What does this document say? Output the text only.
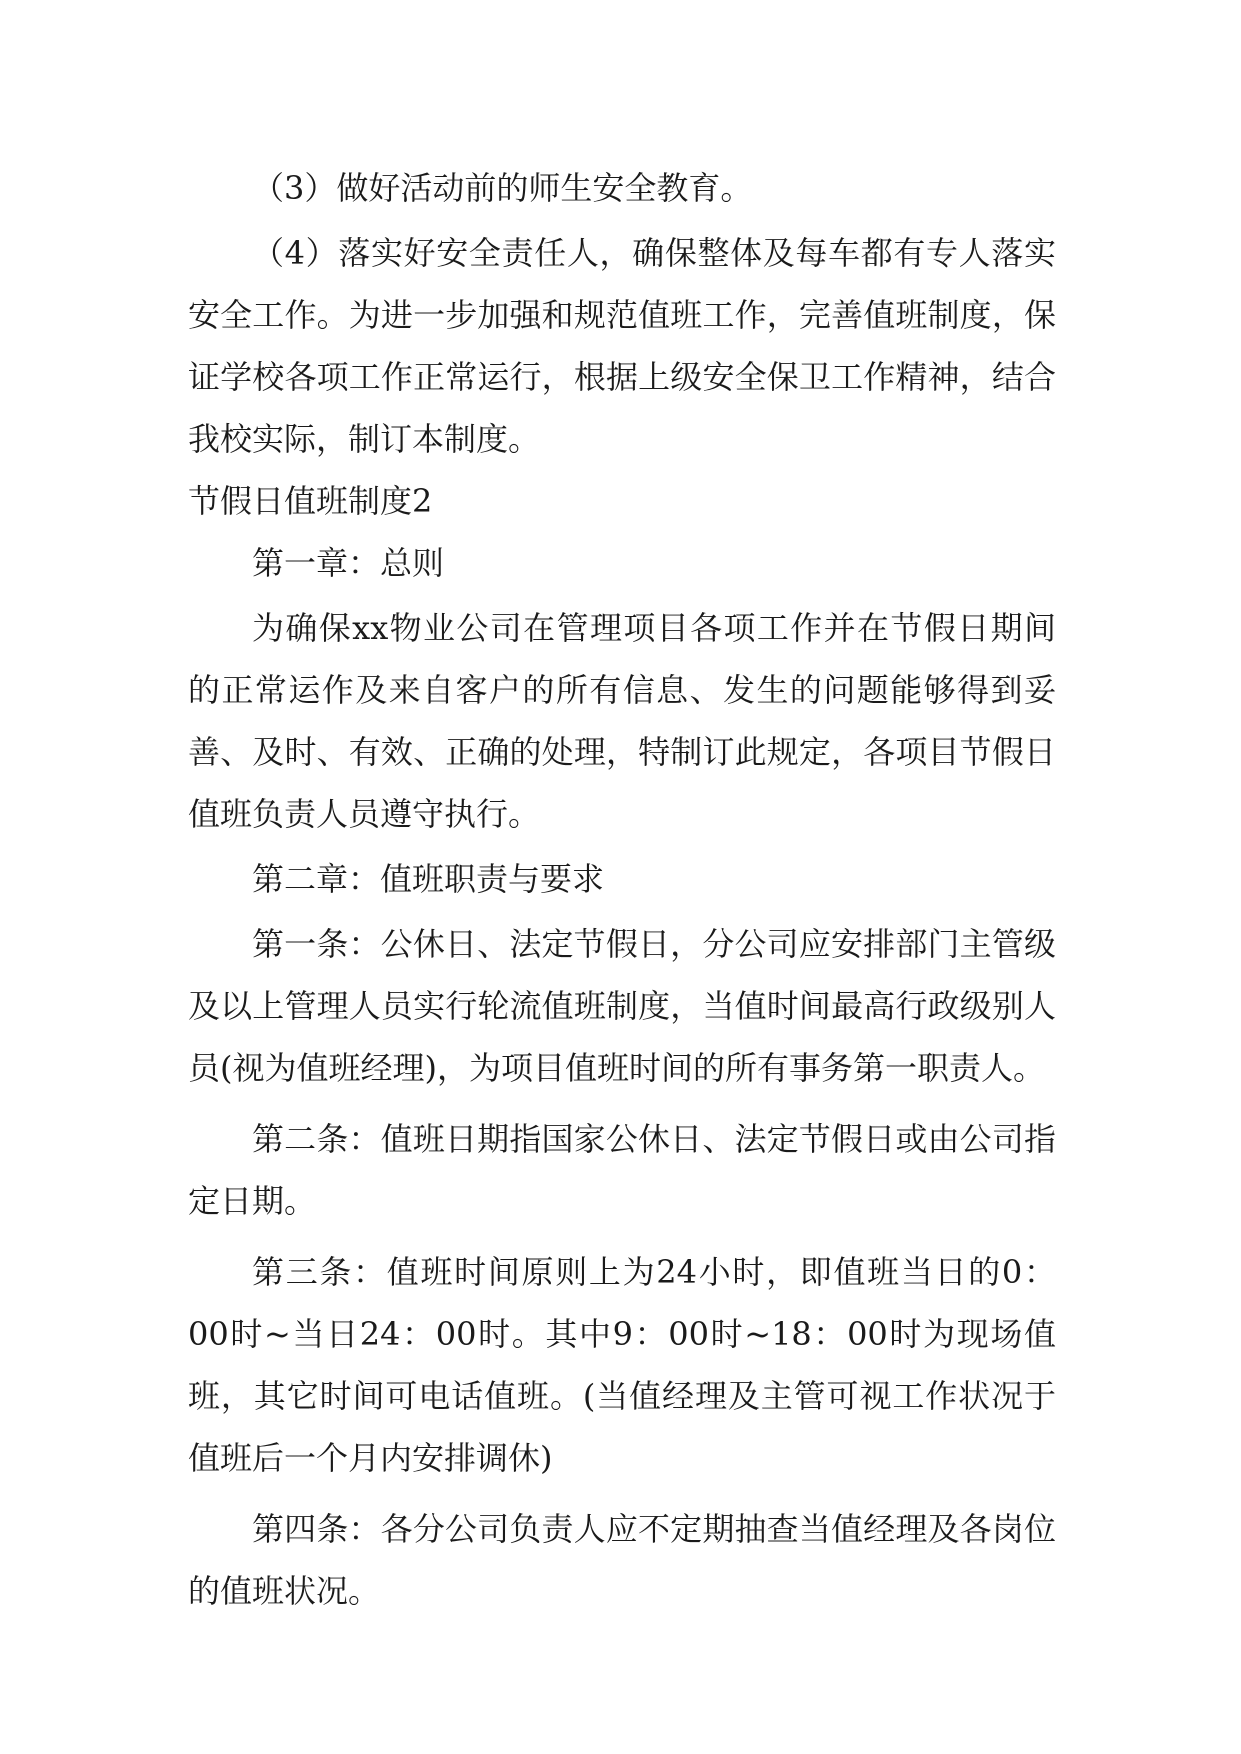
（3）做好活动前的师生安全教育。

（4）落实好安全责任人，确保整体及每车都有专人落实安全工作。为进一步加强和规范值班工作，完善值班制度，保证学校各项工作正常运行，根据上级安全保卫工作精神，结合我校实际，制订本制度。

节假日值班制度2

第一章：总则

为确保xx物业公司在管理项目各项工作并在节假日期间的正常运作及来自客户的所有信息、发生的问题能够得到妥善、及时、有效、正确的处理，特制订此规定，各项目节假日值班负责人员遵守执行。

第二章：值班职责与要求

第一条：公休日、法定节假日，分公司应安排部门主管级及以上管理人员实行轮流值班制度，当值时间最高行政级别人员(视为值班经理)，为项目值班时间的所有事务第一职责人。

第二条：值班日期指国家公休日、法定节假日或由公司指定日期。

第三条：值班时间原则上为24小时，即值班当日的0：00时~当日24：00时。其中9：00时~18：00时为现场值班，其它时间可电话值班。(当值经理及主管可视工作状况于值班后一个月内安排调休)

第四条：各分公司负责人应不定期抽查当值经理及各岗位的值班状况。
